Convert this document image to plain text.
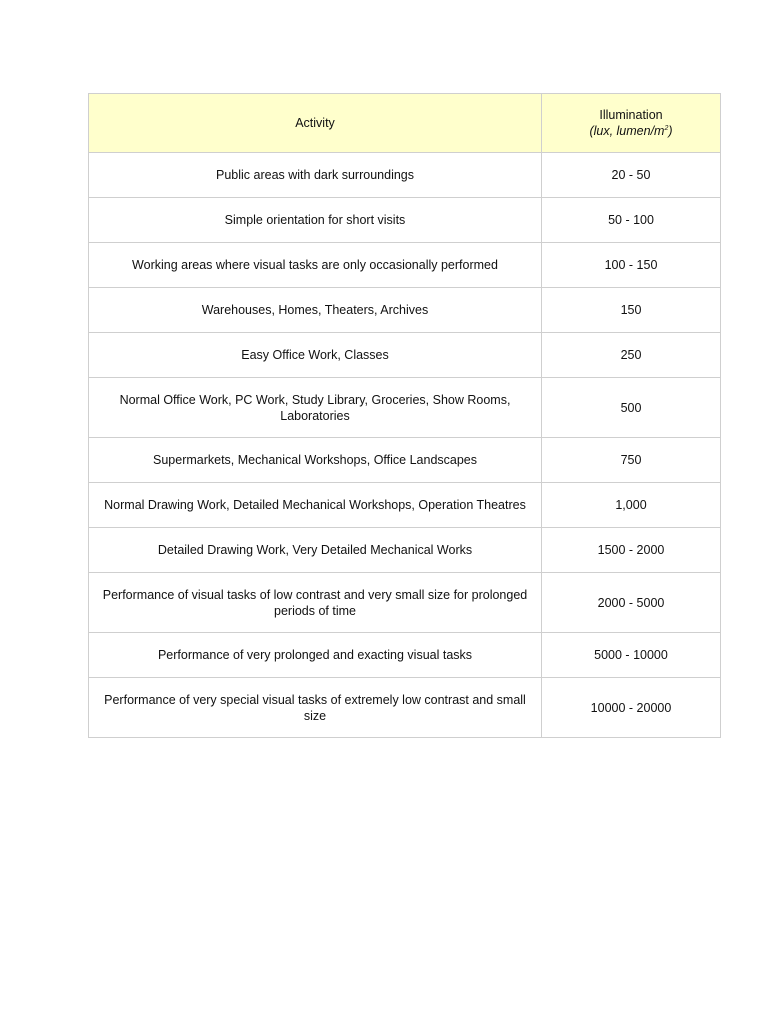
Activity	Illumination
(lux, lumen/$m^2$)

Public areas with dark surroundings	20 - 50
Simple orientation for short visits	50 - 100
Working areas where visual tasks are only occasionally performed	100 - 150
Warehouses, Homes, Theaters, Archives	150
Easy Office Work, Classes	250
Normal Office Work, PC Work, Study Library, Groceries, Show Rooms, Laboratories	500
Supermarkets, Mechanical Workshops, Office Landscapes	750
Normal Drawing Work, Detailed Mechanical Workshops, Operation Theatres	1,000
Detailed Drawing Work, Very Detailed Mechanical Works	1500 - 2000
Performance of visual tasks of low contrast and very small size for prolonged periods of time	2000 - 5000
Performance of very prolonged and exacting visual tasks	5000 - 10000
Performance of very special visual tasks of extremely low contrast and small size	10000 - 20000
